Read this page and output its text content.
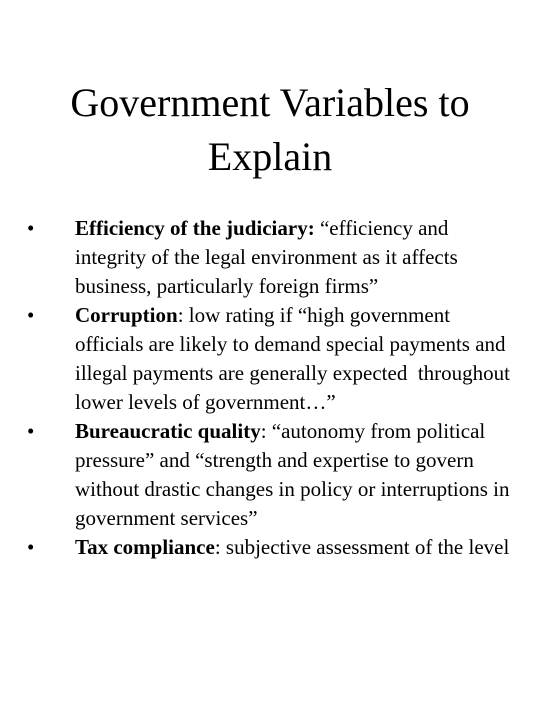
Government Variables to
Explain
• Efficiency of the judiciary: “efficiency and integrity of the legal environment as it affects business, particularly foreign firms”
• Corruption: low rating if “high government officials are likely to demand special payments and illegal payments are generally expected  throughout lower levels of government…”
• Bureaucratic quality: “autonomy from political pressure” and “strength and expertise to govern without drastic changes in policy or interruptions in government services”
• Tax compliance: subjective assessment of the level
